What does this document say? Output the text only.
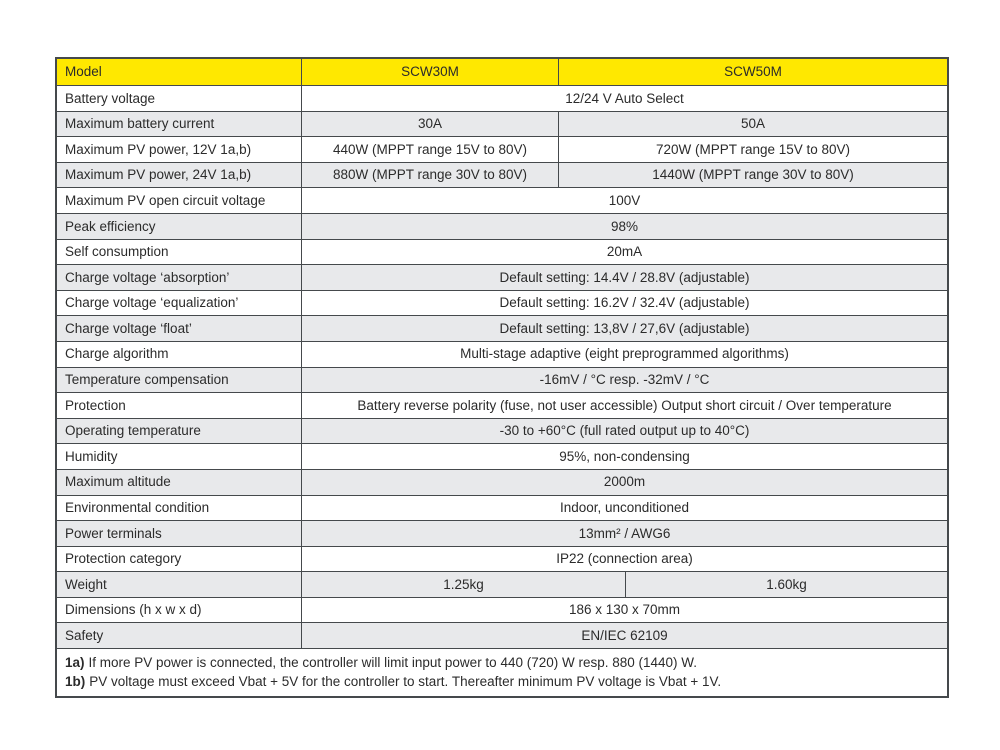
Model	SCW30M	SCW50M
Battery voltage	12/24 V Auto Select
Maximum battery current	30A	50A
Maximum PV power, 12V 1a,b)	440W (MPPT range 15V to 80V)	720W (MPPT range 15V to 80V)
Maximum PV power, 24V 1a,b)	880W (MPPT range 30V to 80V)	1440W (MPPT range 30V to 80V)
Maximum PV open circuit voltage	100V
Peak efficiency	98%
Self consumption	20mA
Charge voltage ‘absorption’	Default setting: 14.4V / 28.8V (adjustable)
Charge voltage ‘equalization’	Default setting: 16.2V / 32.4V (adjustable)
Charge voltage ‘float’	Default setting: 13,8V / 27,6V (adjustable)
Charge algorithm	Multi-stage adaptive (eight preprogrammed algorithms)
Temperature compensation	-16mV / °C resp. -32mV / °C
Protection	Battery reverse polarity (fuse, not user accessible) Output short circuit / Over temperature
Operating temperature	-30 to +60°C (full rated output up to 40°C)
Humidity	95%, non-condensing
Maximum altitude	2000m
Environmental condition	Indoor, unconditioned
Power terminals	13mm² / AWG6
Protection category	IP22 (connection area)
Weight	1.25kg	1.60kg
Dimensions (h x w x d)	186 x 130 x 70mm
Safety	EN/IEC 62109
1a) If more PV power is connected, the controller will limit input power to 440 (720) W resp. 880 (1440) W.
1b) PV voltage must exceed Vbat + 5V for the controller to start. Thereafter minimum PV voltage is Vbat + 1V.
